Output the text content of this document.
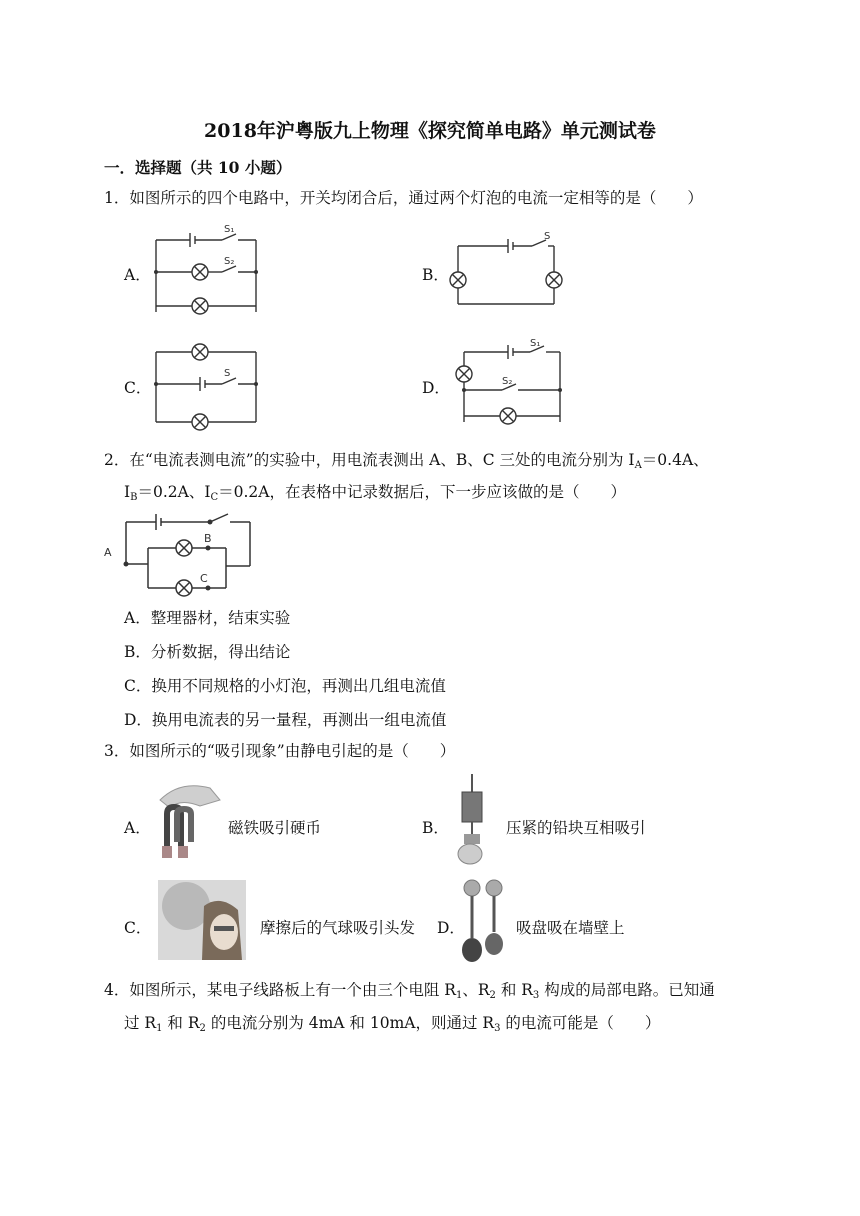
2018年沪粤版九上物理《探究简单电路》单元测试卷
一．选择题（共 10 小题）
1．如图所示的四个电路中，开关均闭合后，通过两个灯泡的电流一定相等的是（　　）
A．
S₁
S₂
B．
S
C．
S
D．
S₁
S₂
2．在“电流表测电流”的实验中，用电流表测出 A、B、C 三处的电流分别为 $I_A=0.4A$、
$I_B=0.2A$、$I_C=0.2A$，在表格中记录数据后，下一步应该做的是（　　）
A
B
C
A．整理器材，结束实验
B．分析数据，得出结论
C．换用不同规格的小灯泡，再测出几组电流值
D．换用电流表的另一量程，再测出一组电流值
3．如图所示的“吸引现象”由静电引起的是（　　）
A．	磁铁吸引硬币	B．	压紧的铅块互相吸引
C．	摩擦后的气球吸引头发 D．	吸盘吸在墙壁上
4．如图所示，某电子线路板上有一个由三个电阻 $R_1$、$R_2$ 和 $R_3$ 构成的局部电路。已知通
过 $R_1$ 和 $R_2$ 的电流分别为 4mA 和 10mA，则通过 $R_3$ 的电流可能是（　　）
